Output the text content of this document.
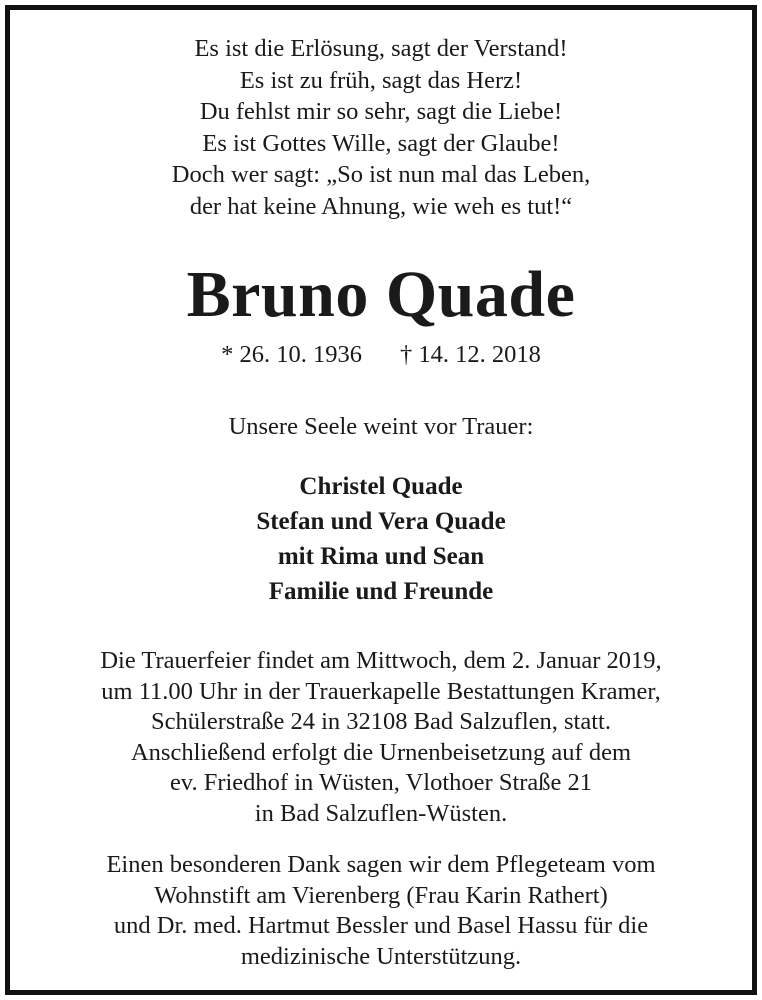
Es ist die Erlösung, sagt der Verstand!
Es ist zu früh, sagt das Herz!
Du fehlst mir so sehr, sagt die Liebe!
Es ist Gottes Wille, sagt der Glaube!
Doch wer sagt: „So ist nun mal das Leben,
der hat keine Ahnung, wie weh es tut!“
Bruno Quade
* 26. 10. 1936 † 14. 12. 2018
Unsere Seele weint vor Trauer:
Christel Quade
Stefan und Vera Quade
mit Rima und Sean
Familie und Freunde
Die Trauerfeier findet am Mittwoch, dem 2. Januar 2019,
um 11.00 Uhr in der Trauerkapelle Bestattungen Kramer,
Schülerstraße 24 in 32108 Bad Salzuflen, statt.
Anschließend erfolgt die Urnenbeisetzung auf dem
ev. Friedhof in Wüsten, Vlothoer Straße 21
in Bad Salzuflen-Wüsten.
Einen besonderen Dank sagen wir dem Pflegeteam vom
Wohnstift am Vierenberg (Frau Karin Rathert)
und Dr. med. Hartmut Bessler und Basel Hassu für die
medizinische Unterstützung.
